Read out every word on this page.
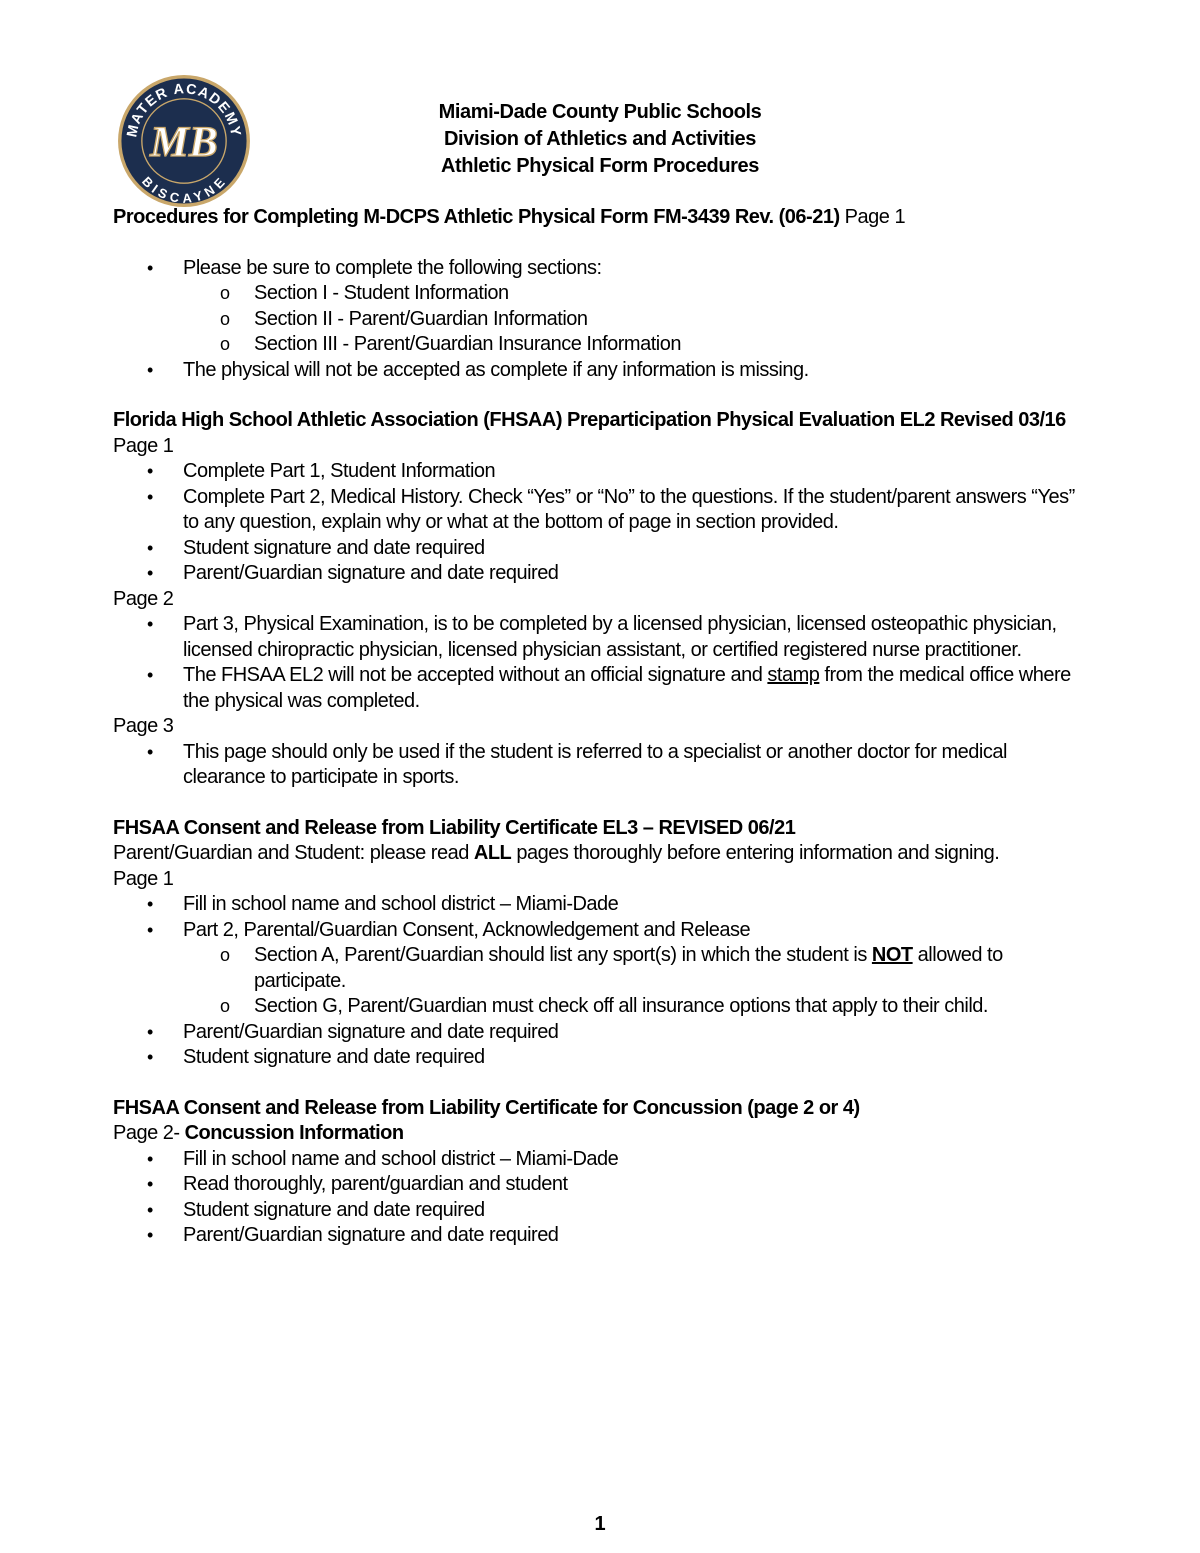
MATER ACADEMY
BISCAYNE
MB
Miami-Dade County Public Schools
Division of Athletics and Activities
Athletic Physical Form Procedures
Procedures for Completing M-DCPS Athletic Physical Form FM-3439 Rev. (06-21) Page 1
• Please be sure to complete the following sections:
o Section I - Student Information
o Section II - Parent/Guardian Information
o Section III - Parent/Guardian Insurance Information
• The physical will not be accepted as complete if any information is missing.
Florida High School Athletic Association (FHSAA) Preparticipation Physical Evaluation EL2 Revised 03/16
Page 1
• Complete Part 1, Student Information
• Complete Part 2, Medical History. Check “Yes” or “No” to the questions. If the student/parent answers “Yes” to any question, explain why or what at the bottom of page in section provided.
• Student signature and date required
• Parent/Guardian signature and date required
Page 2
• Part 3, Physical Examination, is to be completed by a licensed physician, licensed osteopathic physician, licensed chiropractic physician, licensed physician assistant, or certified registered nurse practitioner.
• The FHSAA EL2 will not be accepted without an official signature and stamp from the medical office where the physical was completed.
Page 3
• This page should only be used if the student is referred to a specialist or another doctor for medical clearance to participate in sports.
FHSAA Consent and Release from Liability Certificate EL3 – REVISED 06/21
Parent/Guardian and Student: please read ALL pages thoroughly before entering information and signing.
Page 1
• Fill in school name and school district – Miami-Dade
• Part 2, Parental/Guardian Consent, Acknowledgement and Release
o Section A, Parent/Guardian should list any sport(s) in which the student is NOT allowed to participate.
o Section G, Parent/Guardian must check off all insurance options that apply to their child.
• Parent/Guardian signature and date required
• Student signature and date required
FHSAA Consent and Release from Liability Certificate for Concussion (page 2 or 4)
Page 2- Concussion Information
• Fill in school name and school district – Miami-Dade
• Read thoroughly, parent/guardian and student
• Student signature and date required
• Parent/Guardian signature and date required
1
